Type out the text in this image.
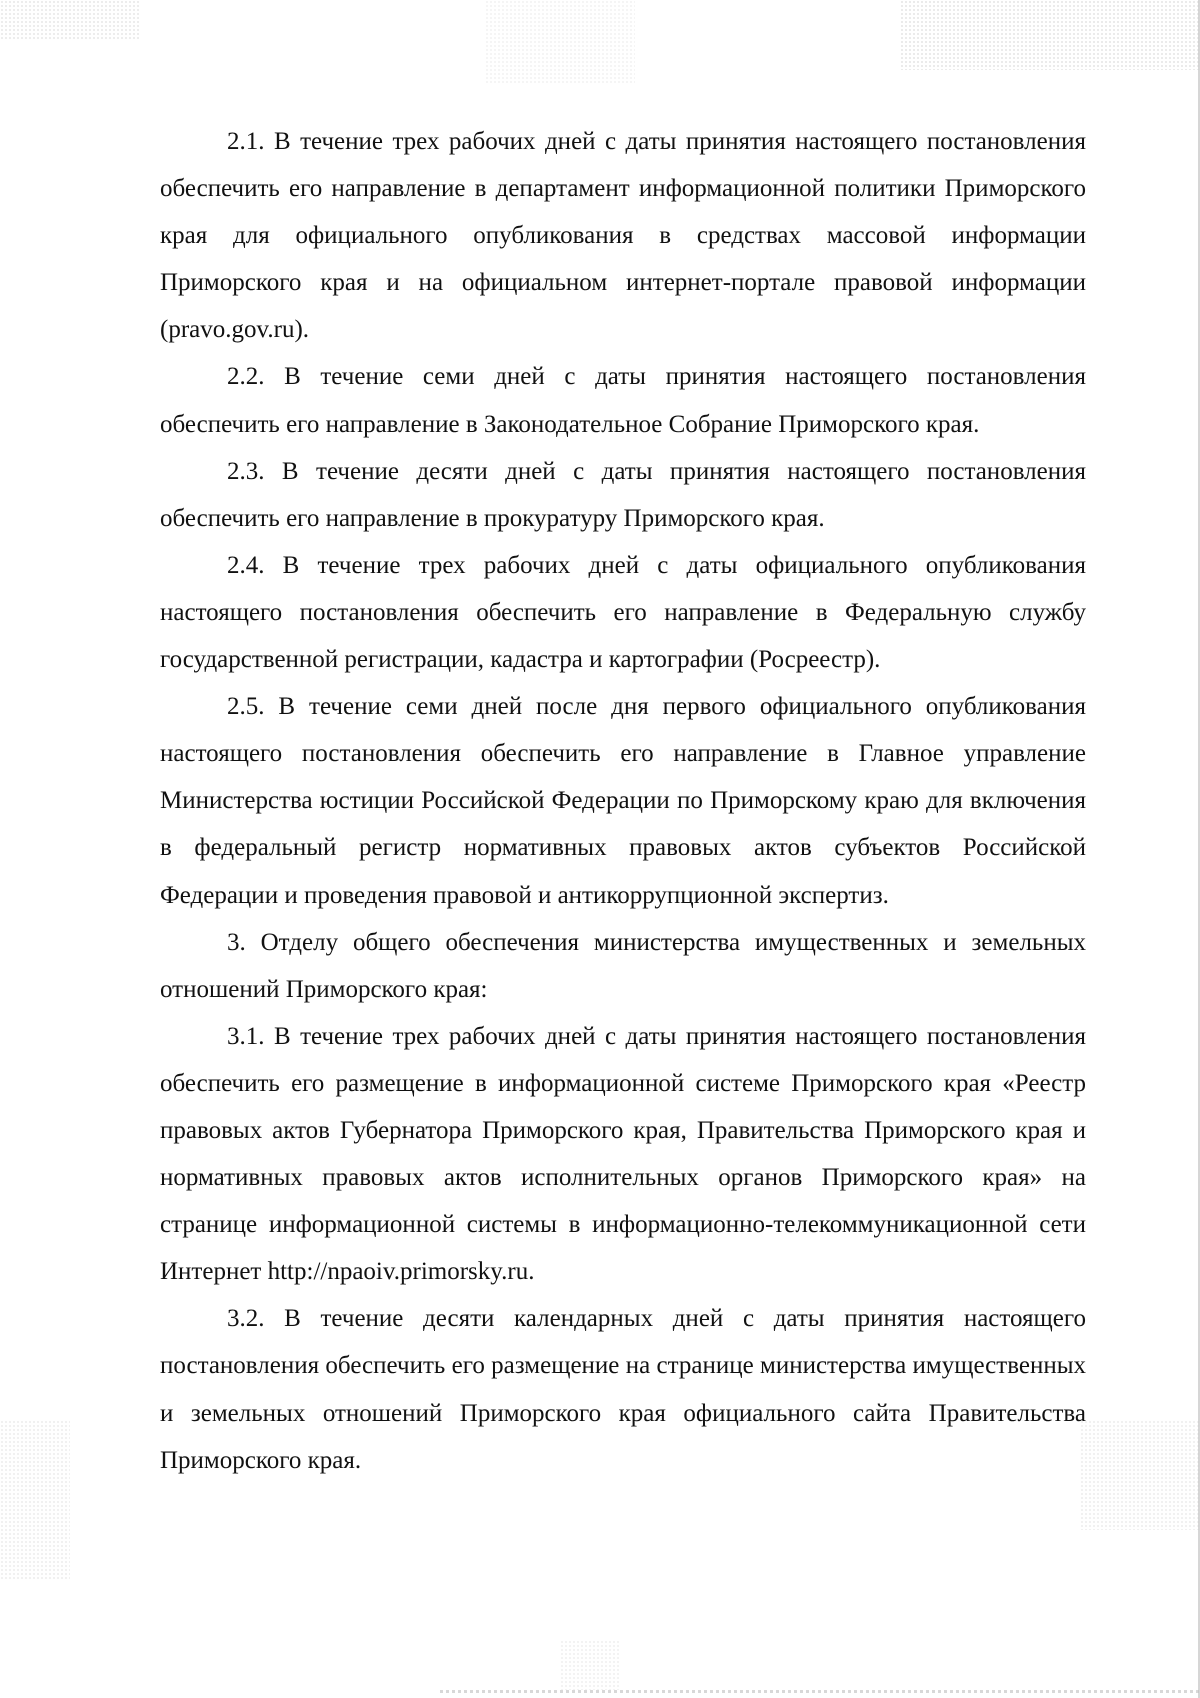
2.1. В течение трех рабочих дней с даты принятия настоящего постановления обеспечить его направление в департамент информационной политики Приморского края для официального опубликования в средствах массовой информации Приморского края и на официальном интернет-портале правовой информации (pravo.gov.ru).

2.2. В течение семи дней с даты принятия настоящего постановления обеспечить его направление в Законодательное Собрание Приморского края.

2.3. В течение десяти дней с даты принятия настоящего постановления обеспечить его направление в прокуратуру Приморского края.

2.4. В течение трех рабочих дней с даты официального опубликования настоящего постановления обеспечить его направление в Федеральную службу государственной регистрации, кадастра и картографии (Росреестр).

2.5. В течение семи дней после дня первого официального опубликования настоящего постановления обеспечить его направление в Главное управление Министерства юстиции Российской Федерации по Приморскому краю для включения в федеральный регистр нормативных правовых актов субъектов Российской Федерации и проведения правовой и антикоррупционной экспертиз.

3. Отделу общего обеспечения министерства имущественных и земельных отношений Приморского края:

3.1. В течение трех рабочих дней с даты принятия настоящего постановления обеспечить его размещение в информационной системе Приморского края «Реестр правовых актов Губернатора Приморского края, Правительства Приморского края и нормативных правовых актов исполнительных органов Приморского края» на странице информационной системы в информационно-телекоммуникационной сети Интернет http://npaoiv.primorsky.ru.

3.2. В течение десяти календарных дней с даты принятия настоящего постановления обеспечить его размещение на странице министерства имущественных и земельных отношений Приморского края официального сайта Правительства Приморского края.
